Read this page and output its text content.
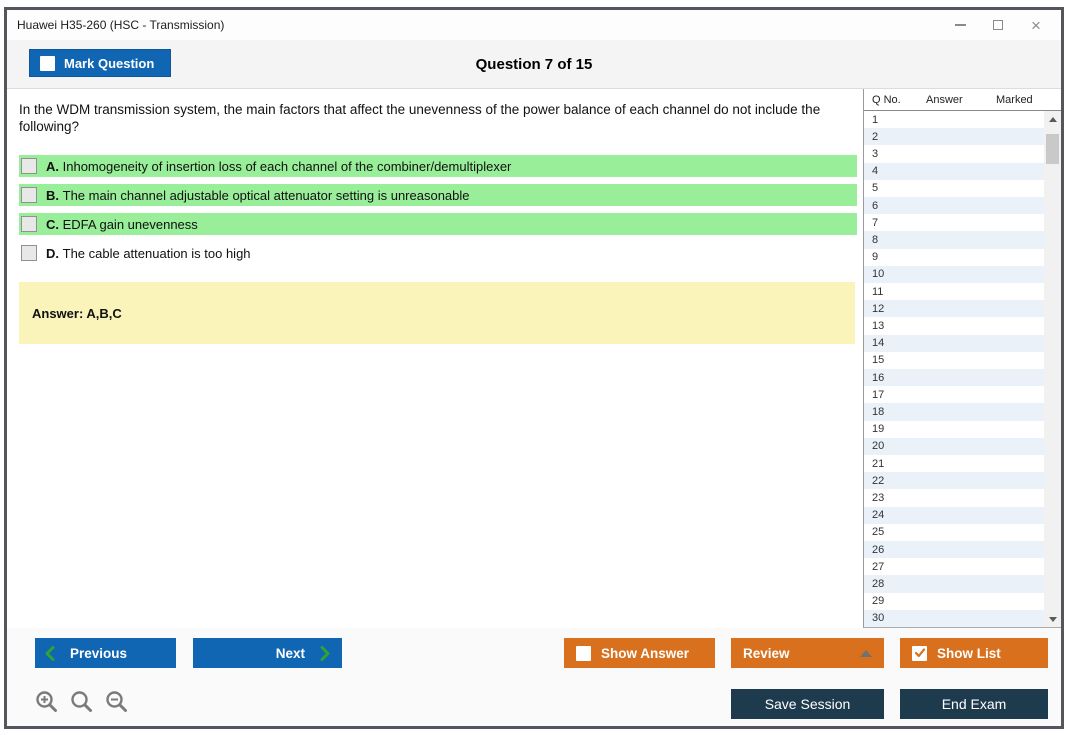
Huawei H35-260 (HSC - Transmission)	×
Mark Question	Question 7 of 15
In the WDM transmission system, the main factors that affect the unevenness of the power balance of each channel do not include the following?
A. Inhomogeneity of insertion loss of each channel of the combiner/demultiplexer
B. The main channel adjustable optical attenuator setting is unreasonable
C. EDFA gain unevenness
D. The cable attenuation is too high
Answer: A,B,C
Q No.	Answer	Marked
1
2
3
4
5
6
7
8
9
10
11
12
13
14
15
16
17
18
19
20
21
22
23
24
25
26
27
28
29
30
Previous	Next	Show Answer	Review	Show List
Save Session	End Exam
